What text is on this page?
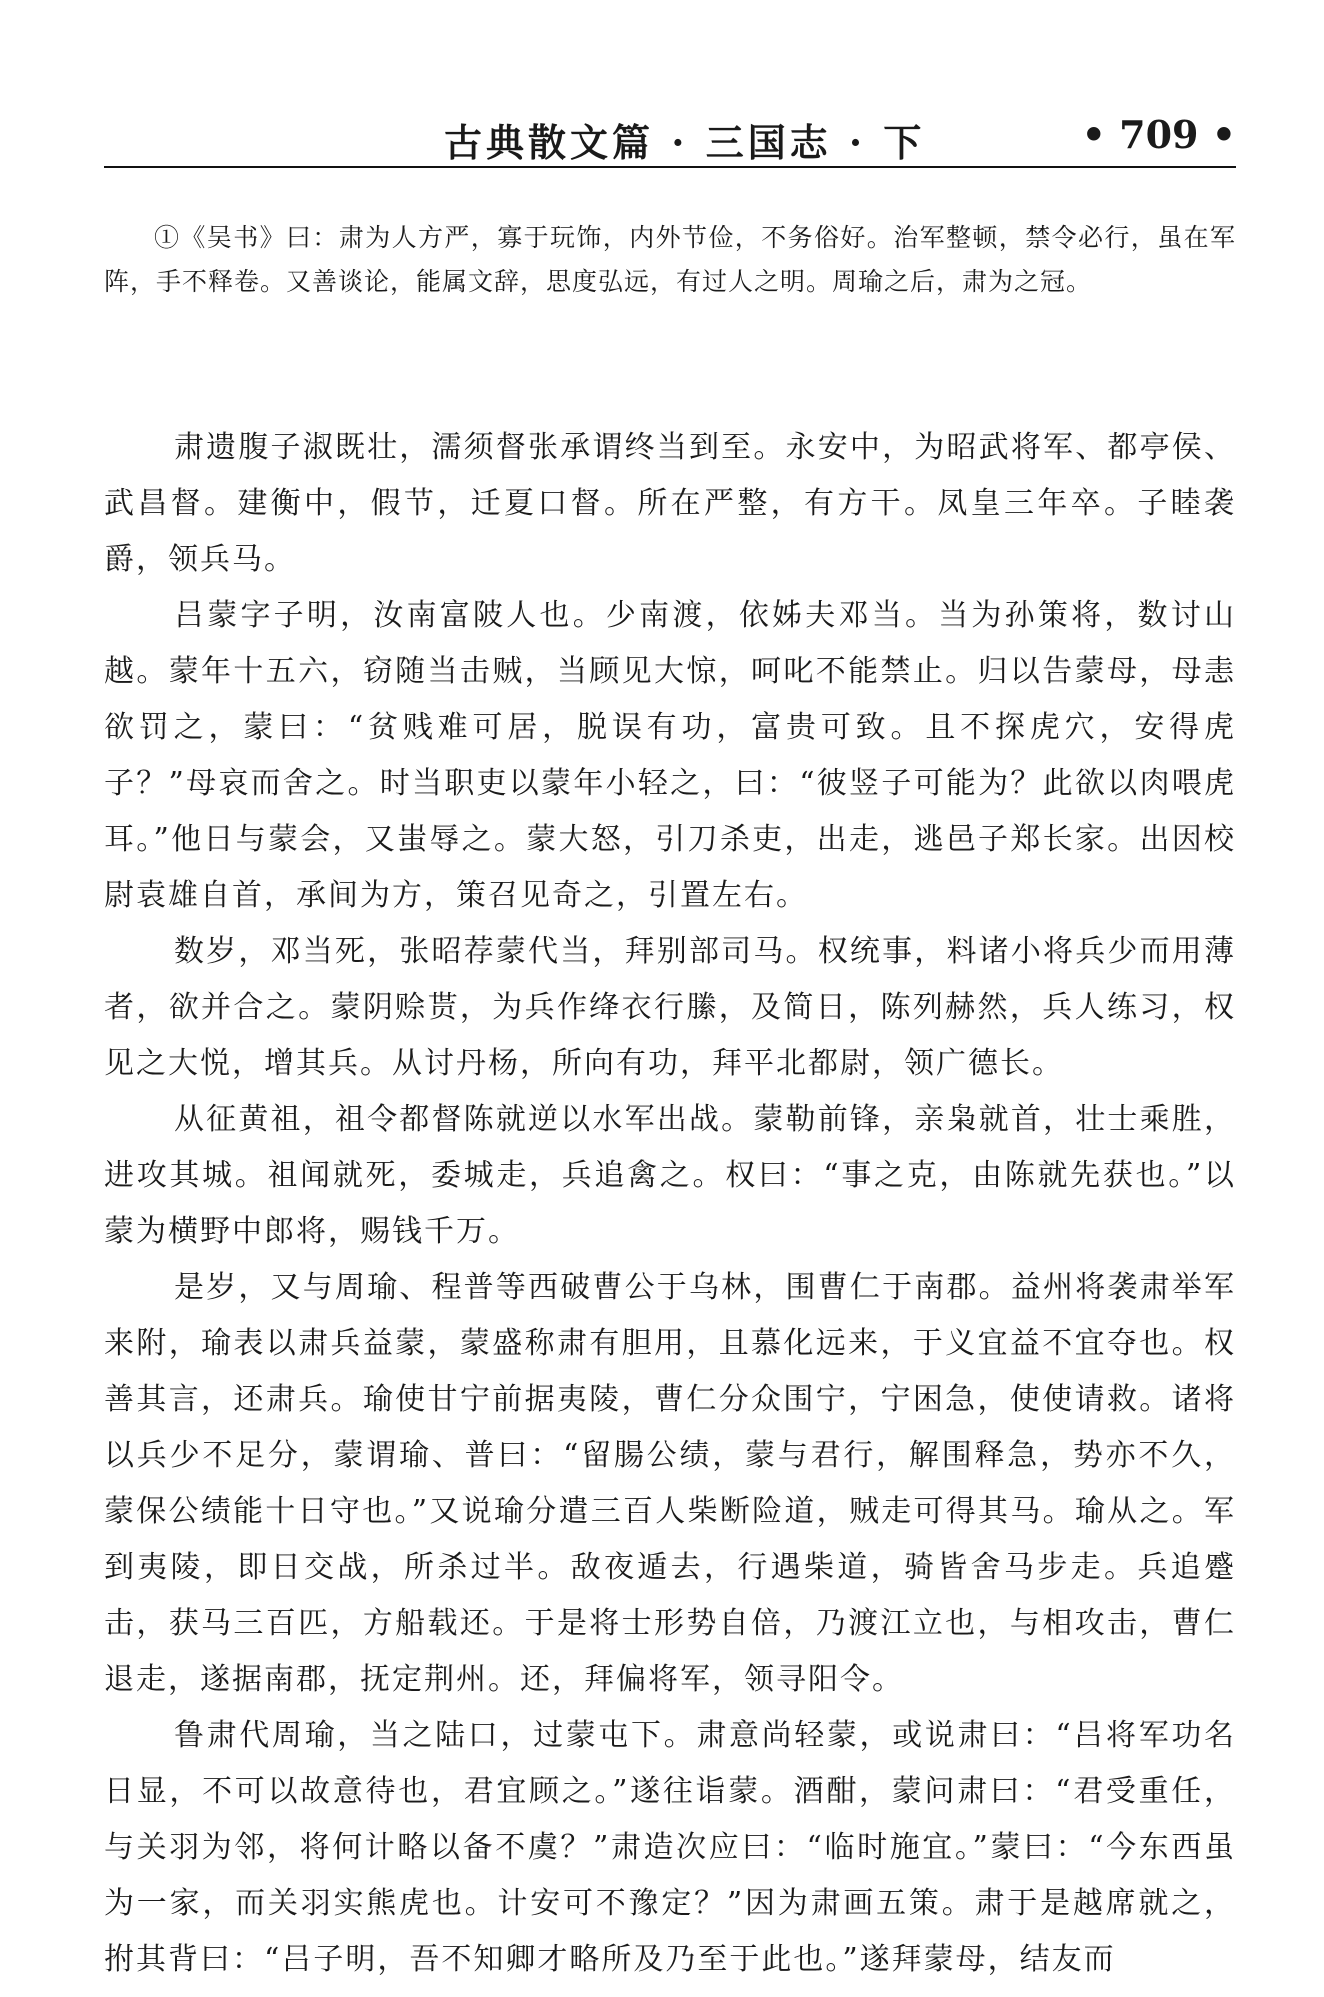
古典散文篇 · 三国志 · 下	• 709 •
①《吴书》曰：肃为人方严，寡于玩饰，内外节俭，不务俗好。治军整顿，禁令必行，虽在军阵，手不释卷。又善谈论，能属文辞，思度弘远，有过人之明。周瑜之后，肃为之冠。

肃遗腹子淑既壮，濡须督张承谓终当到至。永安中，为昭武将军、都亭侯、武昌督。建衡中，假节，迁夏口督。所在严整，有方干。凤皇三年卒。子睦袭爵，领兵马。

吕蒙字子明，汝南富陂人也。少南渡，依姊夫邓当。当为孙策将，数讨山越。蒙年十五六，窃随当击贼，当顾见大惊，呵叱不能禁止。归以告蒙母，母恚欲罚之，蒙曰：“贫贱难可居，脱误有功，富贵可致。且不探虎穴，安得虎子？”母哀而舍之。时当职吏以蒙年小轻之，曰：“彼竖子可能为？此欲以肉喂虎耳。”他日与蒙会，又蚩辱之。蒙大怒，引刀杀吏，出走，逃邑子郑长家。出因校尉袁雄自首，承间为方，策召见奇之，引置左右。

数岁，邓当死，张昭荐蒙代当，拜别部司马。权统事，料诸小将兵少而用薄者，欲并合之。蒙阴赊贳，为兵作绛衣行縢，及简日，陈列赫然，兵人练习，权见之大悦，增其兵。从讨丹杨，所向有功，拜平北都尉，领广德长。

从征黄祖，祖令都督陈就逆以水军出战。蒙勒前锋，亲枭就首，壮士乘胜，进攻其城。祖闻就死，委城走，兵追禽之。权曰：“事之克，由陈就先获也。”以蒙为横野中郎将，赐钱千万。

是岁，又与周瑜、程普等西破曹公于乌林，围曹仁于南郡。益州将袭肃举军来附，瑜表以肃兵益蒙，蒙盛称肃有胆用，且慕化远来，于义宜益不宜夺也。权善其言，还肃兵。瑜使甘宁前据夷陵，曹仁分众围宁，宁困急，使使请救。诸将以兵少不足分，蒙谓瑜、普曰：“留腸公绩，蒙与君行，解围释急，势亦不久，蒙保公绩能十日守也。”又说瑜分遣三百人柴断险道，贼走可得其马。瑜从之。军到夷陵，即日交战，所杀过半。敌夜遁去，行遇柴道，骑皆舍马步走。兵追蹙击，获马三百匹，方船载还。于是将士形势自倍，乃渡江立也，与相攻击，曹仁退走，遂据南郡，抚定荆州。还，拜偏将军，领寻阳令。

鲁肃代周瑜，当之陆口，过蒙屯下。肃意尚轻蒙，或说肃曰：“吕将军功名日显，不可以故意待也，君宜顾之。”遂往诣蒙。酒酣，蒙问肃曰：“君受重任，与关羽为邻，将何计略以备不虞？”肃造次应曰：“临时施宜。”蒙曰：“今东西虽为一家，而关羽实熊虎也。计安可不豫定？”因为肃画五策。肃于是越席就之，拊其背曰：“吕子明，吾不知卿才略所及乃至于此也。”遂拜蒙母，结友而
